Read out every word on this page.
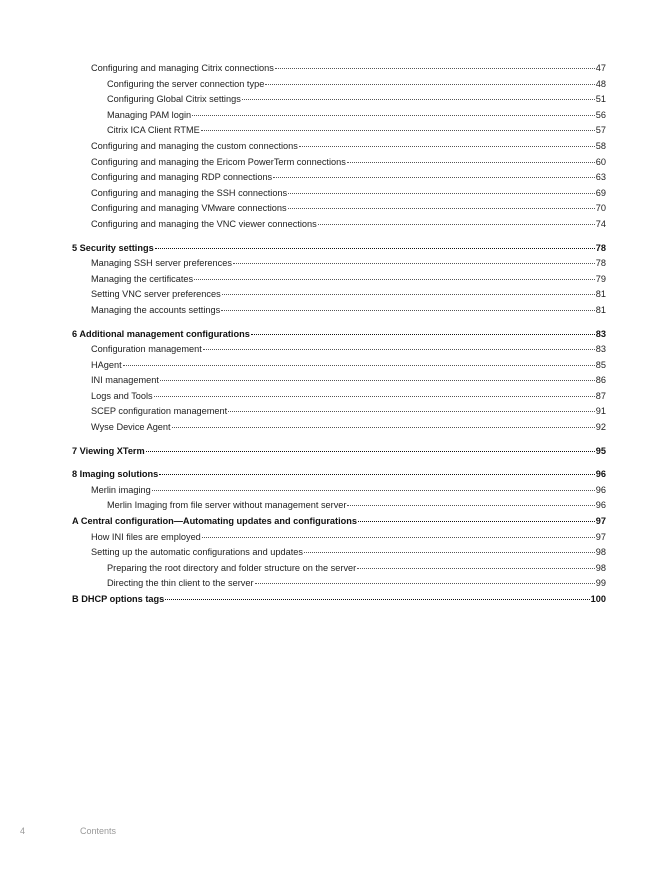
Configuring and managing Citrix connections	47
Configuring the server connection type	48
Configuring Global Citrix settings	51
Managing PAM login	56
Citrix ICA Client RTME	57
Configuring and managing the custom connections	58
Configuring and managing the Ericom PowerTerm connections	60
Configuring and managing RDP connections	63
Configuring and managing the SSH connections	69
Configuring and managing VMware connections	70
Configuring and managing the VNC viewer connections	74
5 Security settings	78
Managing SSH server preferences	78
Managing the certificates	79
Setting VNC server preferences	81
Managing the accounts settings	81
6 Additional management configurations	83
Configuration management	83
HAgent	85
INI management	86
Logs and Tools	87
SCEP configuration management	91
Wyse Device Agent	92
7 Viewing XTerm	95
8 Imaging solutions	96
Merlin imaging	96
Merlin Imaging from file server without management server	96
A Central configuration—Automating updates and configurations	97
How INI files are employed	97
Setting up the automatic configurations and updates	98
Preparing the root directory and folder structure on the server	98
Directing the thin client to the server	99
B DHCP options tags	100
4	Contents
